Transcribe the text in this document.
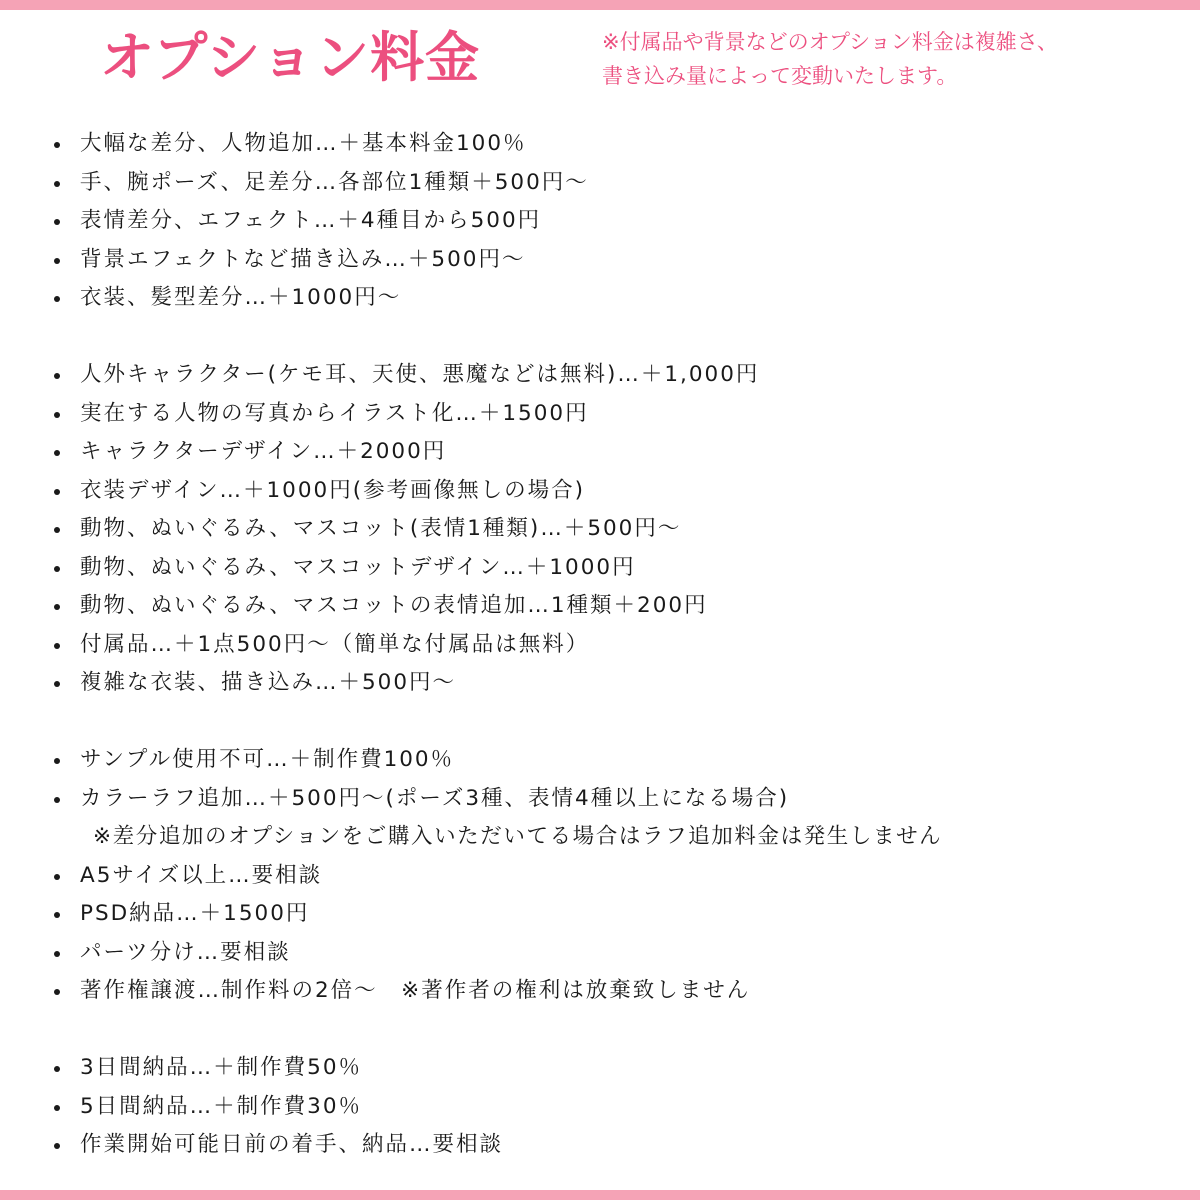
オプション料金	※付属品や背景などのオプション料金は複雑さ、
書き込み量によって変動いたします。

大幅な差分、人物追加…＋基本料金100％
手、腕ポーズ、足差分…各部位1種類＋500円〜
表情差分、エフェクト…＋4種目から500円
背景エフェクトなど描き込み…＋500円〜
衣装、髪型差分…＋1000円〜
人外キャラクター(ケモ耳、天使、悪魔などは無料)…＋1,000円
実在する人物の写真からイラスト化…＋1500円
キャラクターデザイン…＋2000円
衣装デザイン…＋1000円(参考画像無しの場合)
動物、ぬいぐるみ、マスコット(表情1種類)…＋500円〜
動物、ぬいぐるみ、マスコットデザイン…＋1000円
動物、ぬいぐるみ、マスコットの表情追加…1種類＋200円
付属品…＋1点500円〜（簡単な付属品は無料）
複雑な衣装、描き込み…＋500円〜
サンプル使用不可…＋制作費100％
カラーラフ追加…＋500円〜(ポーズ3種、表情4種以上になる場合)
※差分追加のオプションをご購入いただいてる場合はラフ追加料金は発生しません
A5サイズ以上…要相談
PSD納品…＋1500円
パーツ分け…要相談
著作権譲渡…制作料の2倍〜　※著作者の権利は放棄致しません
3日間納品…＋制作費50％
5日間納品…＋制作費30％
作業開始可能日前の着手、納品…要相談
